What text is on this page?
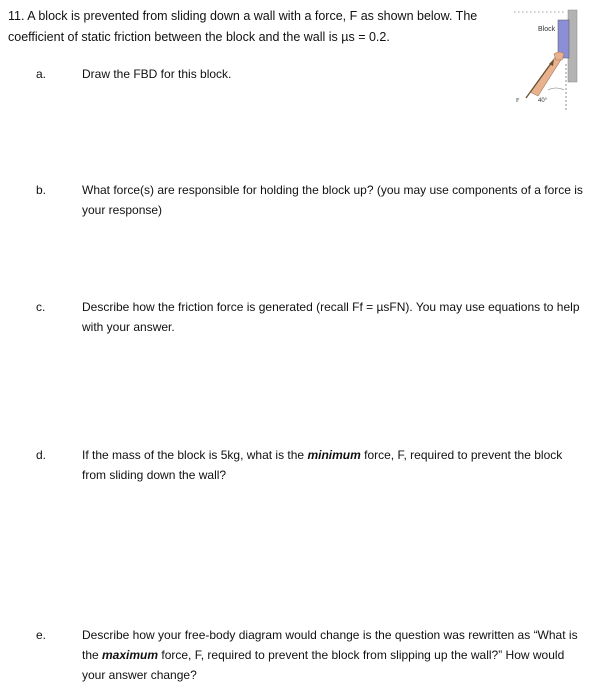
11. A block is prevented from sliding down a wall with a force, F as shown below. The
coefficient of static friction between the block and the wall is µs = 0.2.
Block
F	40°
a.	Draw the FBD for this block.
b.	What force(s) are responsible for holding the block up? (you may use components of a force is your response)
c.	Describe how the friction force is generated (recall Ff = µsFN). You may use equations to help with your answer.
d.	If the mass of the block is 5kg, what is the minimum force, F, required to prevent the block from sliding down the wall?
e.	Describe how your free-body diagram would change is the question was rewritten as “What is the maximum force, F, required to prevent the block from slipping up the wall?” How would your answer change?
